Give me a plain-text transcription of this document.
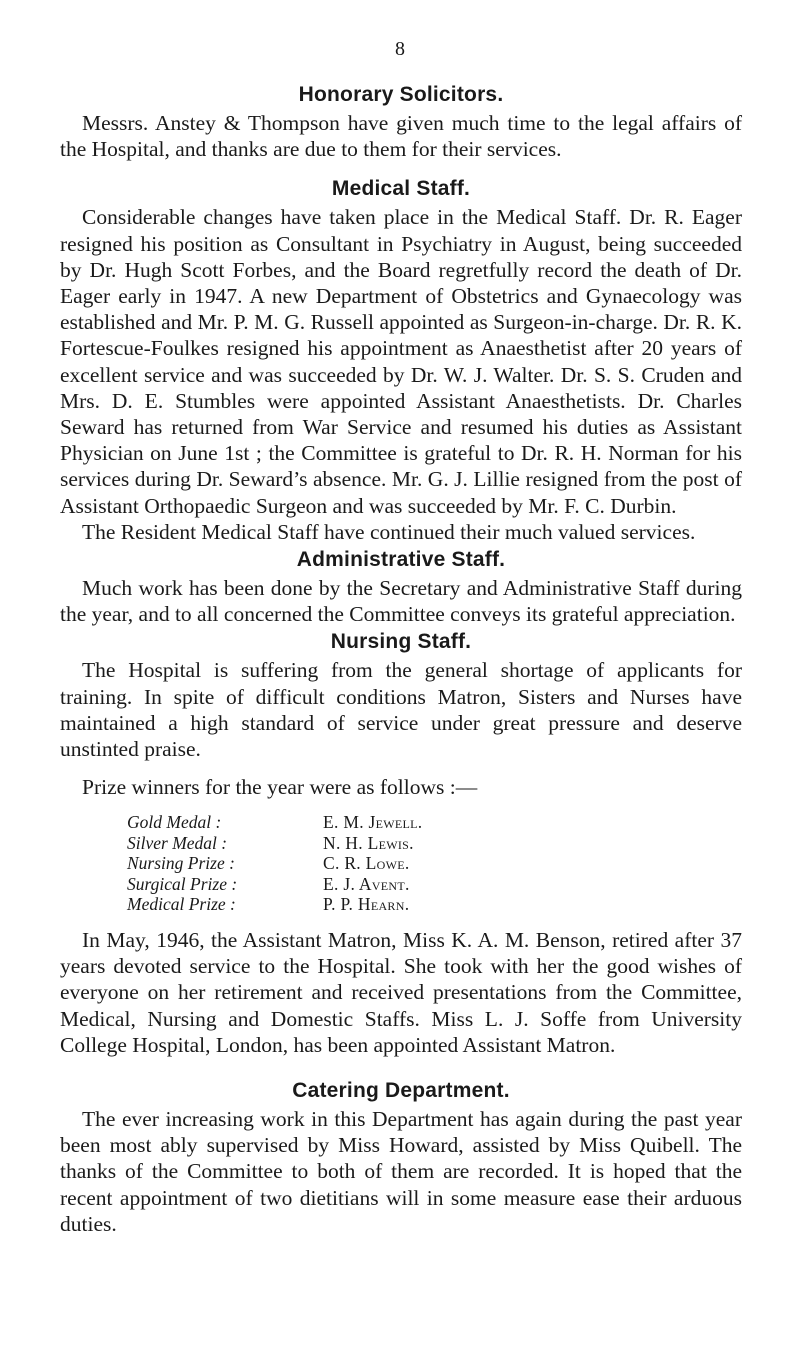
8
Honorary Solicitors.

Messrs. Anstey & Thompson have given much time to the legal affairs of the Hospital, and thanks are due to them for their services.

Medical Staff.

Considerable changes have taken place in the Medical Staff. Dr. R. Eager resigned his position as Consultant in Psychiatry in August, being succeeded by Dr. Hugh Scott Forbes, and the Board regretfully record the death of Dr. Eager early in 1947. A new Department of Obstetrics and Gynaecology was established and Mr. P. M. G. Russell appointed as Surgeon-in-charge. Dr. R. K. Fortescue-Foulkes resigned his appointment as Anaesthetist after 20 years of excellent service and was succeeded by Dr. W. J. Walter. Dr. S. S. Cruden and Mrs. D. E. Stumbles were appointed Assistant Anaesthetists. Dr. Charles Seward has returned from War Service and resumed his duties as Assistant Physician on June 1st ; the Committee is grateful to Dr. R. H. Norman for his services during Dr. Seward’s absence. Mr. G. J. Lillie resigned from the post of Assistant Orthopaedic Surgeon and was succeeded by Mr. F. C. Durbin.

The Resident Medical Staff have continued their much valued services.

Administrative Staff.

Much work has been done by the Secretary and Administrative Staff during the year, and to all concerned the Committee conveys its grateful appreciation.

Nursing Staff.

The Hospital is suffering from the general shortage of applicants for training. In spite of difficult conditions Matron, Sisters and Nurses have maintained a high standard of service under great pressure and deserve unstinted praise.

Prize winners for the year were as follows :—

Gold Medal :	E. M. Jewell.
Silver Medal :	N. H. Lewis.
Nursing Prize :	C. R. Lowe.
Surgical Prize :	E. J. Avent.
Medical Prize :	P. P. Hearn.

In May, 1946, the Assistant Matron, Miss K. A. M. Benson, retired after 37 years devoted service to the Hospital. She took with her the good wishes of everyone on her retirement and received presentations from the Committee, Medical, Nursing and Domestic Staffs. Miss L. J. Soffe from University College Hospital, London, has been appointed Assistant Matron.

Catering Department.

The ever increasing work in this Department has again during the past year been most ably supervised by Miss Howard, assisted by Miss Quibell. The thanks of the Committee to both of them are recorded. It is hoped that the recent appointment of two dietitians will in some measure ease their arduous duties.
